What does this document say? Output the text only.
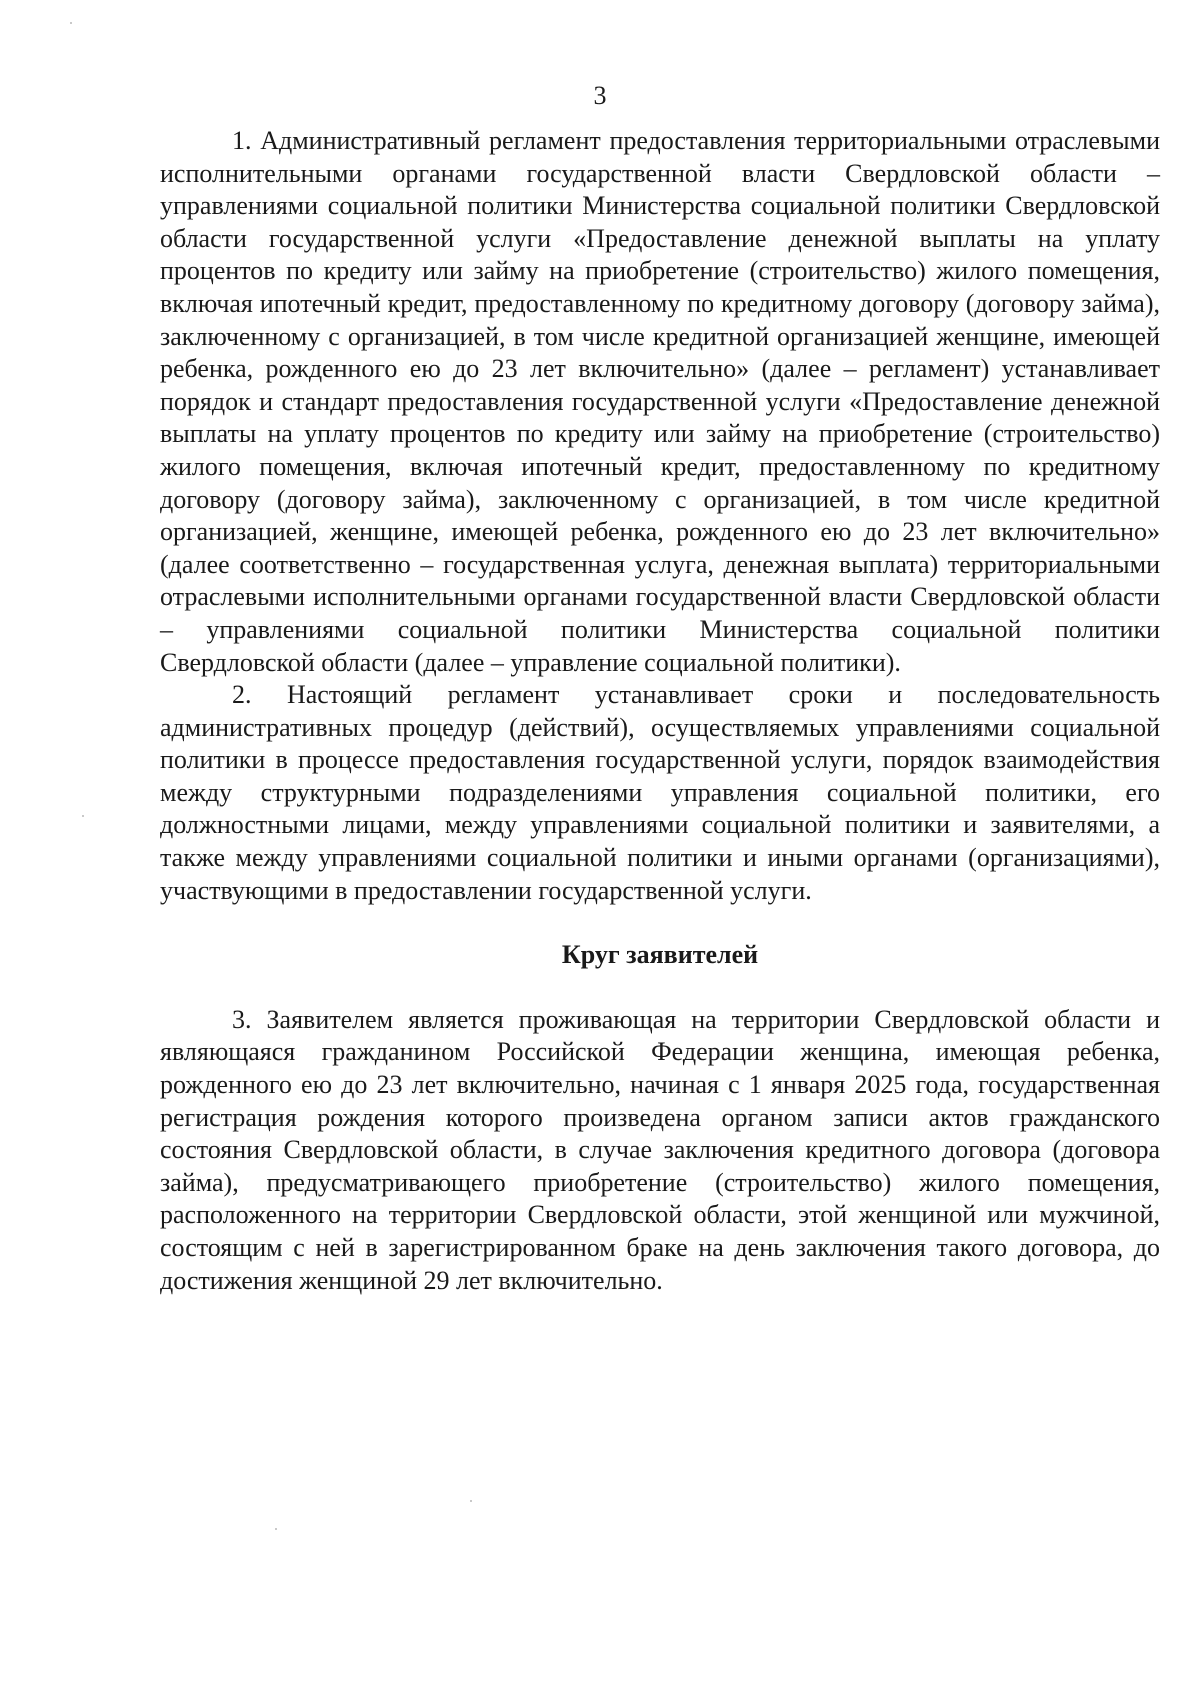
3

1. Административный регламент предоставления территориальными отраслевыми исполнительными органами государственной власти Свердловской области – управлениями социальной политики Министерства социальной политики Свердловской области государственной услуги «Предоставление денежной выплаты на уплату процентов по кредиту или займу на приобретение (строительство) жилого помещения, включая ипотечный кредит, предоставленному по кредитному договору (договору займа), заключенному с организацией, в том числе кредитной организацией женщине, имеющей ребенка, рожденного ею до 23 лет включительно» (далее – регламент) устанавливает порядок и стандарт предоставления государственной услуги «Предоставление денежной выплаты на уплату процентов по кредиту или займу на приобретение (строительство) жилого помещения, включая ипотечный кредит, предоставленному по кредитному договору (договору займа), заключенному с организацией, в том числе кредитной организацией, женщине, имеющей ребенка, рожденного ею до 23 лет включительно» (далее соответственно – государственная услуга, денежная выплата) территориальными отраслевыми исполнительными органами государственной власти Свердловской области – управлениями социальной политики Министерства социальной политики Свердловской области (далее – управление социальной политики).

2. Настоящий регламент устанавливает сроки и последовательность административных процедур (действий), осуществляемых управлениями социальной политики в процессе предоставления государственной услуги, порядок взаимодействия между структурными подразделениями управления социальной политики, его должностными лицами, между управлениями социальной политики и заявителями, а также между управлениями социальной политики и иными органами (организациями), участвующими в предоставлении государственной услуги.

Круг заявителей

3. Заявителем является проживающая на территории Свердловской области и являющаяся гражданином Российской Федерации женщина, имеющая ребенка, рожденного ею до 23 лет включительно, начиная с 1 января 2025 года, государственная регистрация рождения которого произведена органом записи актов гражданского состояния Свердловской области, в случае заключения кредитного договора (договора займа), предусматривающего приобретение (строительство) жилого помещения, расположенного на территории Свердловской области, этой женщиной или мужчиной, состоящим с ней в зарегистрированном браке на день заключения такого договора, до достижения женщиной 29 лет включительно.
